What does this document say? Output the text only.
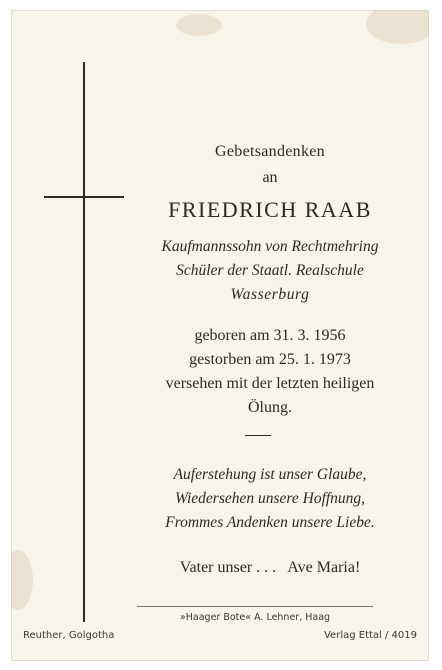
Gebetsandenken
an
FRIEDRICH RAAB
Kaufmannssohn von Rechtmehring
Schüler der Staatl. Realschule
Wasserburg
geboren am 31. 3. 1956
gestorben am 25. 1. 1973
versehen mit der letzten heiligen
Ölung.
Auferstehung ist unser Glaube,
Wiedersehen unsere Hoffnung,
Frommes Andenken unsere Liebe.
Vater unser . . .   Ave Maria!
»Haager Bote« A. Lehner, Haag
Reuther, Golgotha	Verlag Ettal / 4019
